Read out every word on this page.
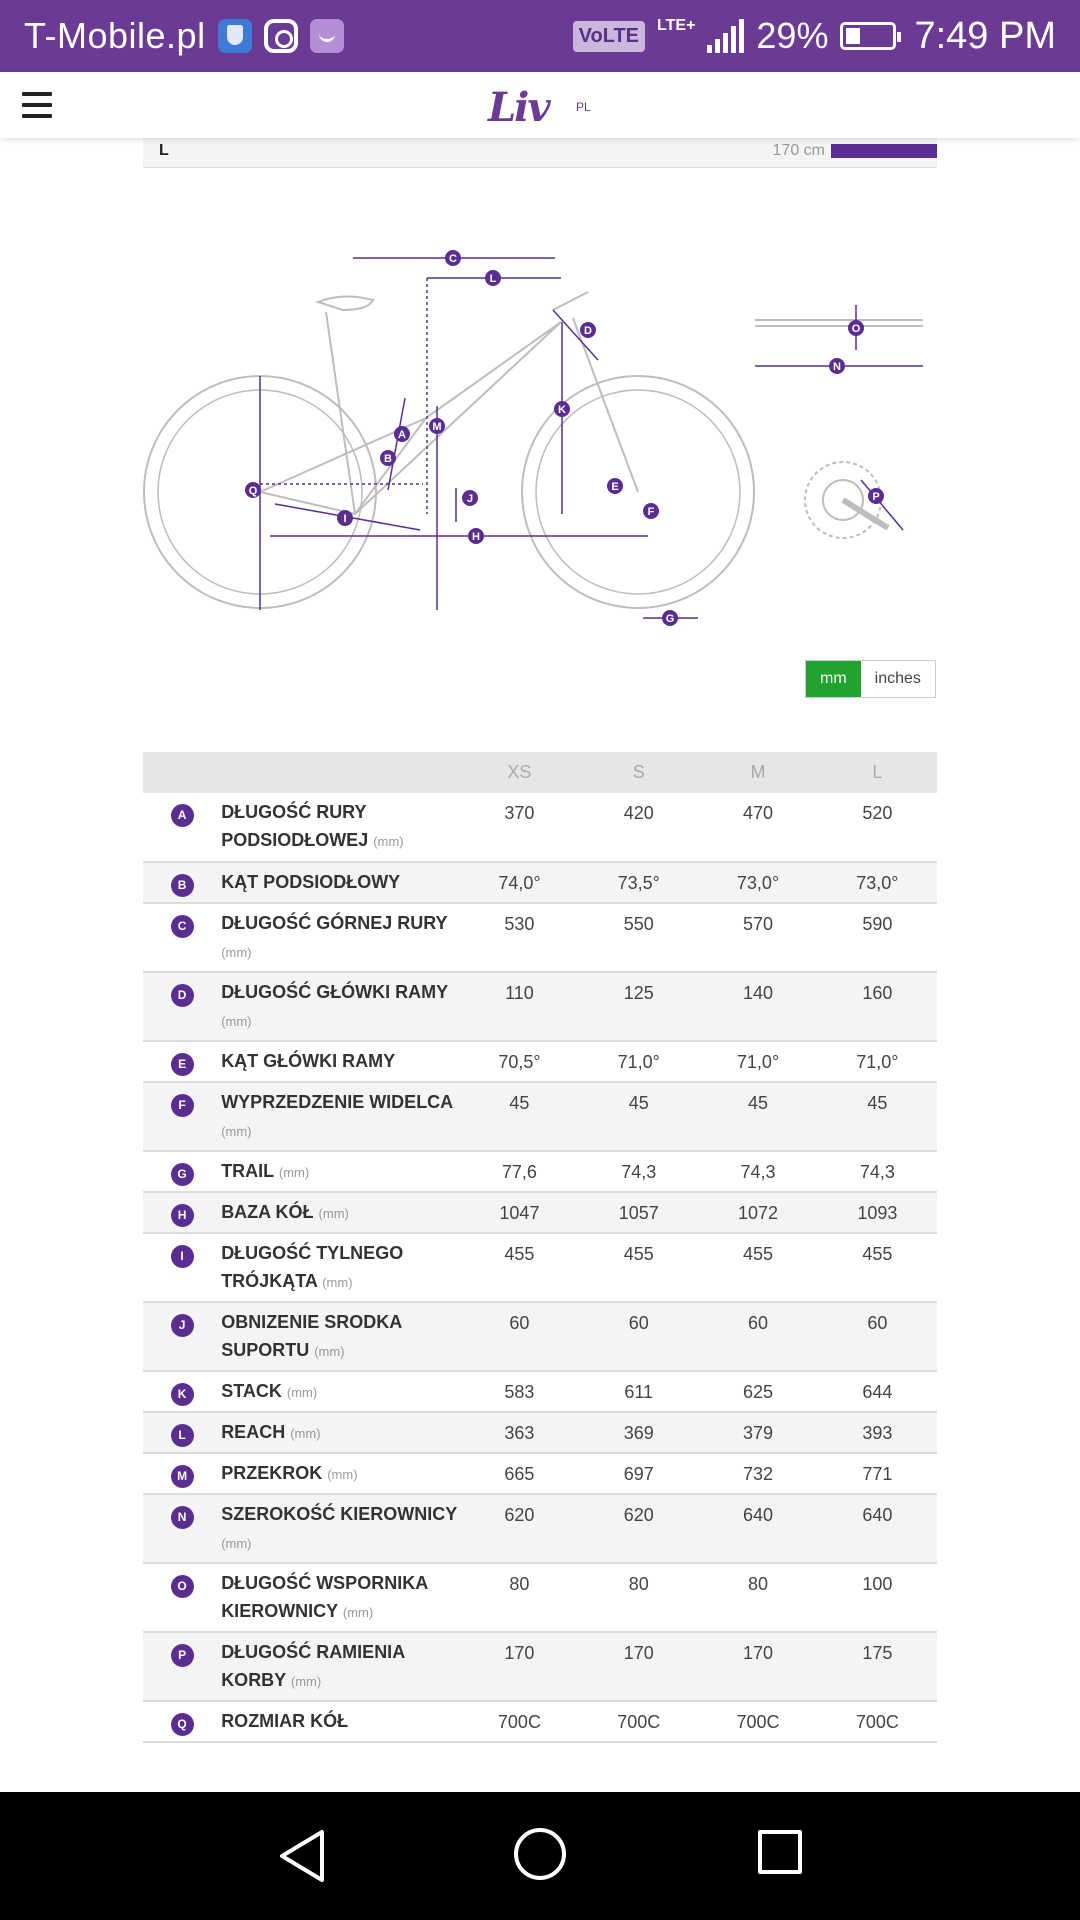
T-Mobile.pl	VoLTE	LTE+ 29% 7:49 PM
Liv PL
L	170 cm
C
L
D
M
K
A
B
E
J
F
Q
I
H
G
O
N
P
mm	inches
		XS	S	M	L
A	DŁUGOŚĆ RURY PODSIODŁOWEJ (mm)	370	420	470	520
B	KĄT PODSIODŁOWY	74,0°	73,5°	73,0°	73,0°
C	DŁUGOŚĆ GÓRNEJ RURY (mm)	530	550	570	590
D	DŁUGOŚĆ GŁÓWKI RAMY (mm)	110	125	140	160
E	KĄT GŁÓWKI RAMY	70,5°	71,0°	71,0°	71,0°
F	WYPRZEDZENIE WIDELCA (mm)	45	45	45	45
G	TRAIL (mm)	77,6	74,3	74,3	74,3
H	BAZA KÓŁ (mm)	1047	1057	1072	1093
I	DŁUGOŚĆ TYLNEGO TRÓJKĄTA (mm)	455	455	455	455
J	OBNIZENIE SRODKA SUPORTU (mm)	60	60	60	60
K	STACK (mm)	583	611	625	644
L	REACH (mm)	363	369	379	393
M	PRZEKROK (mm)	665	697	732	771
N	SZEROKOŚĆ KIEROWNICY (mm)	620	620	640	640
O	DŁUGOŚĆ WSPORNIKA KIEROWNICY (mm)	80	80	80	100
P	DŁUGOŚĆ RAMIENIA KORBY (mm)	170	170	170	175
Q	ROZMIAR KÓŁ	700C	700C	700C	700C
